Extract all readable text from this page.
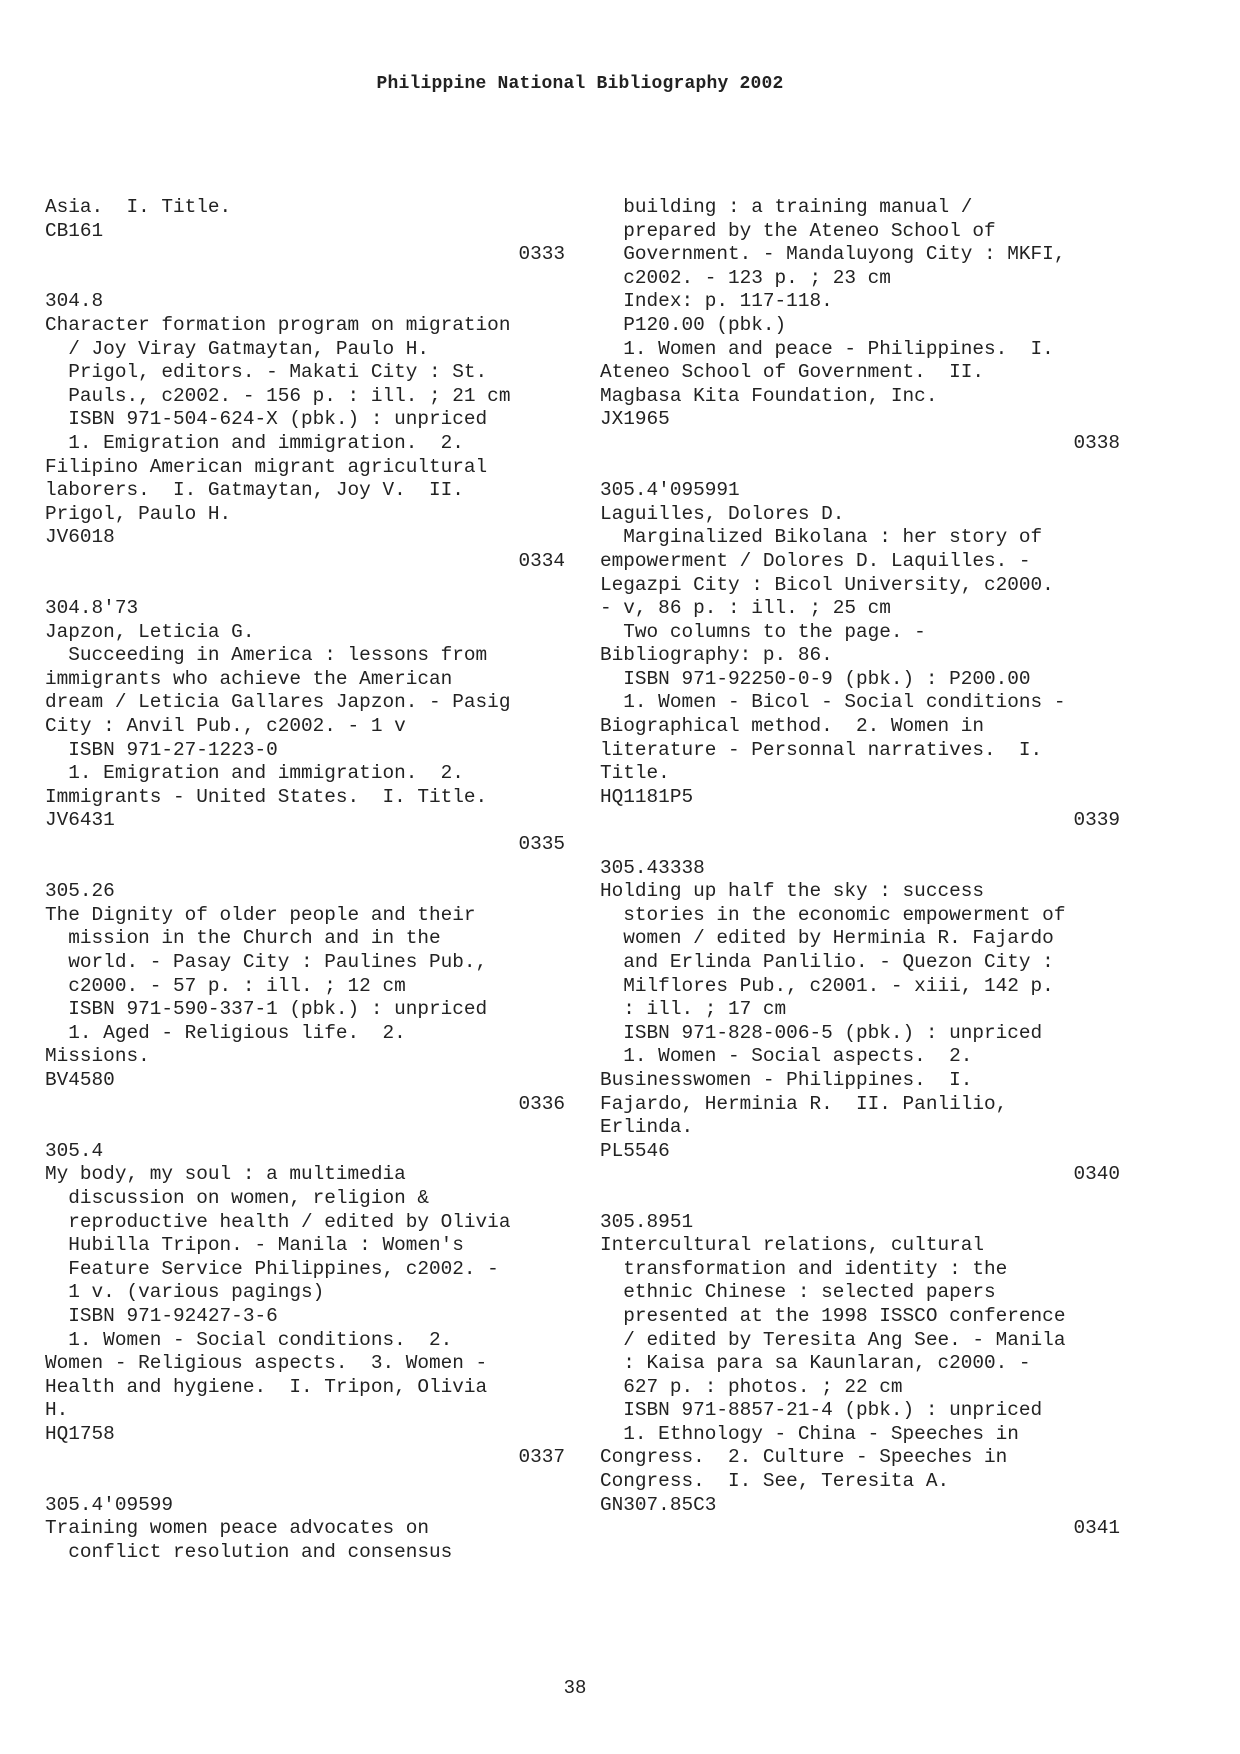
Philippine National Bibliography 2002
Asia.  I. Title.
CB161
0333
304.8
Character formation program on migration
/ Joy Viray Gatmaytan, Paulo H.
Prigol, editors. - Makati City : St.
Pauls., c2002. - 156 p. : ill. ; 21 cm
ISBN 971-504-624-X (pbk.) : unpriced
1. Emigration and immigration.  2.
Filipino American migrant agricultural
laborers.  I. Gatmaytan, Joy V.  II.
Prigol, Paulo H.
JV6018
0334
304.8'73
Japzon, Leticia G.
Succeeding in America : lessons from
immigrants who achieve the American
dream / Leticia Gallares Japzon. - Pasig
City : Anvil Pub., c2002. - 1 v
ISBN 971-27-1223-0
1. Emigration and immigration.  2.
Immigrants - United States.  I. Title.
JV6431
0335
305.26
The Dignity of older people and their
mission in the Church and in the
world. - Pasay City : Paulines Pub.,
c2000. - 57 p. : ill. ; 12 cm
ISBN 971-590-337-1 (pbk.) : unpriced
1. Aged - Religious life.  2.
Missions.
BV4580
0336
305.4
My body, my soul : a multimedia
discussion on women, religion &
reproductive health / edited by Olivia
Hubilla Tripon. - Manila : Women's
Feature Service Philippines, c2002. -
1 v. (various pagings)
ISBN 971-92427-3-6
1. Women - Social conditions.  2.
Women - Religious aspects.  3. Women -
Health and hygiene.  I. Tripon, Olivia
H.
HQ1758
0337
305.4'09599
Training women peace advocates on
conflict resolution and consensus
building : a training manual /
prepared by the Ateneo School of
Government. - Mandaluyong City : MKFI,
c2002. - 123 p. ; 23 cm
Index: p. 117-118.
P120.00 (pbk.)
1. Women and peace - Philippines.  I.
Ateneo School of Government.  II.
Magbasa Kita Foundation, Inc.
JX1965
0338
305.4'095991
Laguilles, Dolores D.
Marginalized Bikolana : her story of
empowerment / Dolores D. Laquilles. -
Legazpi City : Bicol University, c2000.
- v, 86 p. : ill. ; 25 cm
Two columns to the page. -
Bibliography: p. 86.
ISBN 971-92250-0-9 (pbk.) : P200.00
1. Women - Bicol - Social conditions -
Biographical method.  2. Women in
literature - Personnal narratives.  I.
Title.
HQ1181P5
0339
305.43338
Holding up half the sky : success
stories in the economic empowerment of
women / edited by Herminia R. Fajardo
and Erlinda Panlilio. - Quezon City :
Milflores Pub., c2001. - xiii, 142 p.
: ill. ; 17 cm
ISBN 971-828-006-5 (pbk.) : unpriced
1. Women - Social aspects.  2.
Businesswomen - Philippines.  I.
Fajardo, Herminia R.  II. Panlilio,
Erlinda.
PL5546
0340
305.8951
Intercultural relations, cultural
transformation and identity : the
ethnic Chinese : selected papers
presented at the 1998 ISSCO conference
/ edited by Teresita Ang See. - Manila
: Kaisa para sa Kaunlaran, c2000. -
627 p. : photos. ; 22 cm
ISBN 971-8857-21-4 (pbk.) : unpriced
1. Ethnology - China - Speeches in
Congress.  2. Culture - Speeches in
Congress.  I. See, Teresita A.
GN307.85C3
0341
38
